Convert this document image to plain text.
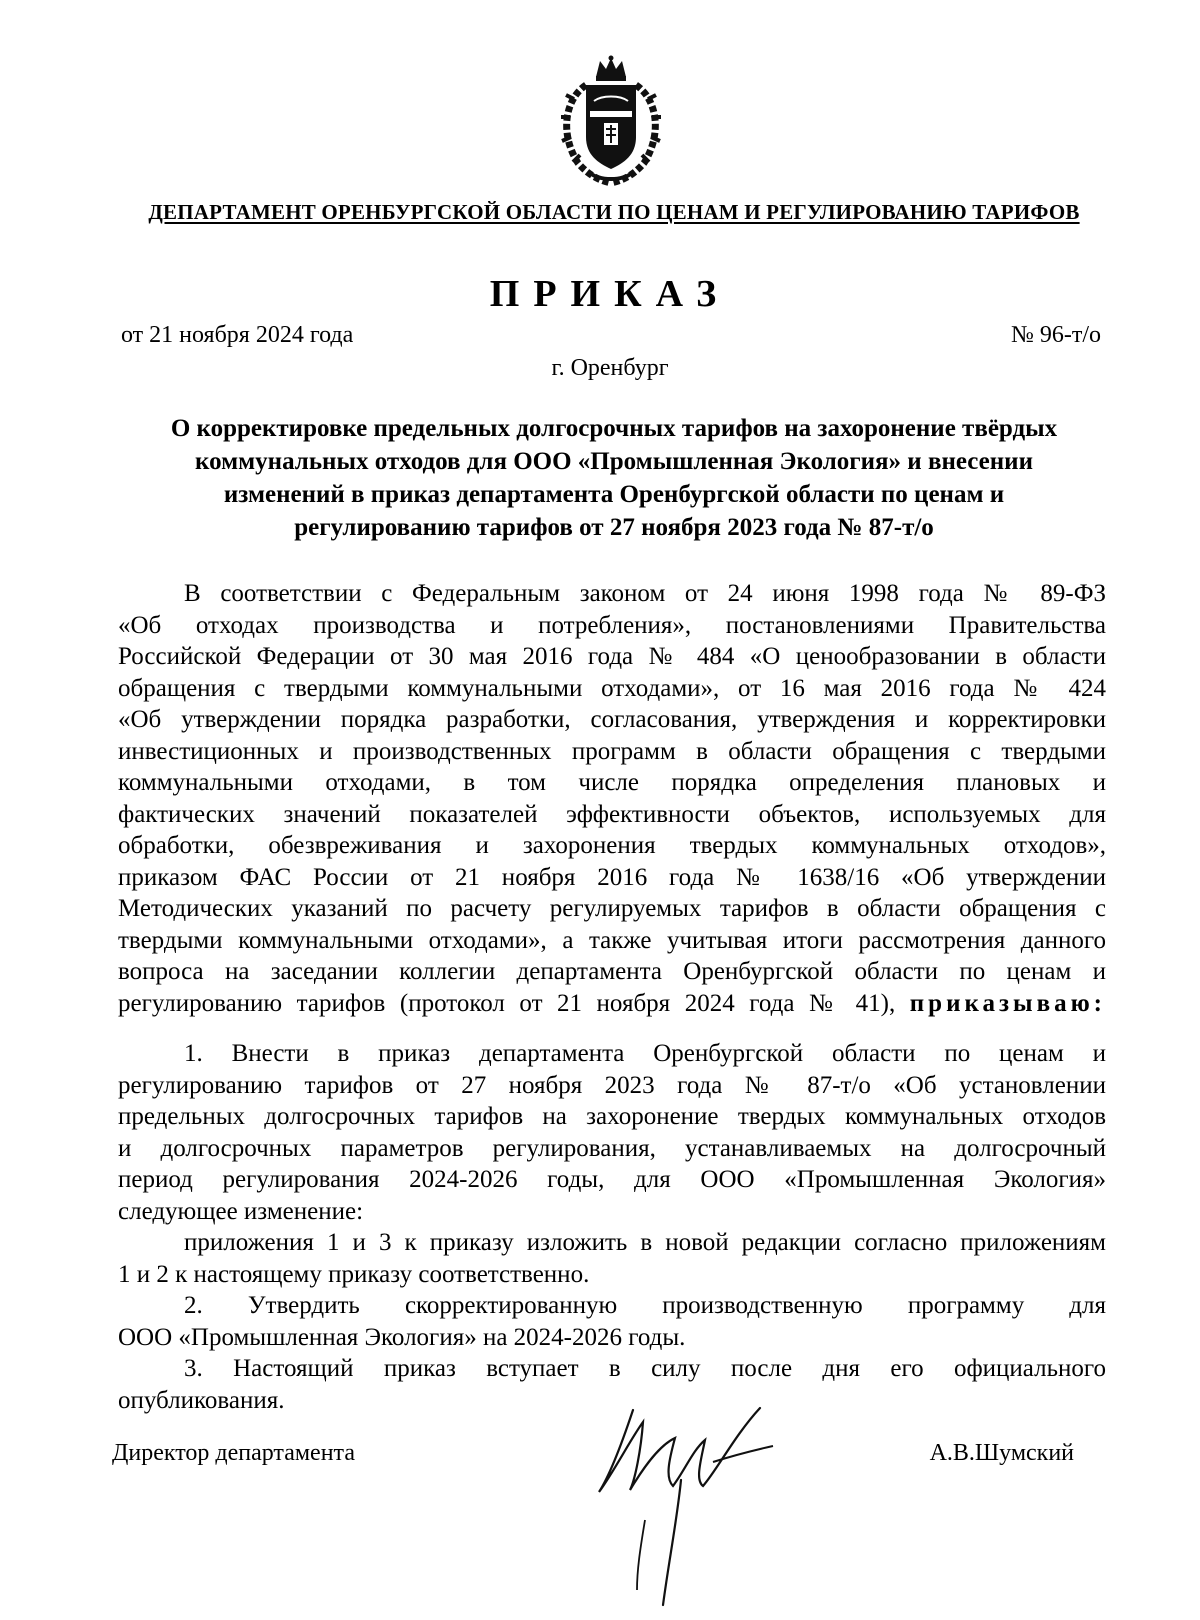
ДЕПАРТАМЕНТ ОРЕНБУРГСКОЙ ОБЛАСТИ ПО ЦЕНАМ И РЕГУЛИРОВАНИЮ ТАРИФОВ
ПРИКАЗ
от 21 ноября 2024 года	№ 96-т/о
г. Оренбург
О корректировке предельных долгосрочных тарифов на захоронение твёрдых
коммунальных отходов для ООО «Промышленная Экология» и внесении
изменений в приказ департамента Оренбургской области по ценам и
регулированию тарифов от 27 ноября 2023 года № 87-т/о
В соответствии с Федеральным законом от 24 июня 1998 года № 89-ФЗ
«Об отходах производства и потребления», постановлениями Правительства
Российской Федерации от 30 мая 2016 года № 484 «О ценообразовании в области
обращения с твердыми коммунальными отходами», от 16 мая 2016 года № 424
«Об утверждении порядка разработки, согласования, утверждения и корректировки
инвестиционных и производственных программ в области обращения с твердыми
коммунальными отходами, в том числе порядка определения плановых и
фактических значений показателей эффективности объектов, используемых для
обработки, обезвреживания и захоронения твердых коммунальных отходов»,
приказом ФАС России от 21 ноября 2016 года № 1638/16 «Об утверждении
Методических указаний по расчету регулируемых тарифов в области обращения с
твердыми коммунальными отходами», а также учитывая итоги рассмотрения данного
вопроса на заседании коллегии департамента Оренбургской области по ценам и
регулированию тарифов (протокол от 21 ноября 2024 года № 41), приказываю:
1. Внести в приказ департамента Оренбургской области по ценам и
регулированию тарифов от 27 ноября 2023 года № 87-т/о «Об установлении
предельных долгосрочных тарифов на захоронение твердых коммунальных отходов
и долгосрочных параметров регулирования, устанавливаемых на долгосрочный
период регулирования 2024-2026 годы, для ООО «Промышленная Экология»
следующее изменение:
приложения 1 и 3 к приказу изложить в новой редакции согласно приложениям
1 и 2 к настоящему приказу соответственно.
2. Утвердить скорректированную производственную программу для
ООО «Промышленная Экология» на 2024-2026 годы.
3. Настоящий приказ вступает в силу после дня его официального
опубликования.
Директор департамента	А.В.Шумский
